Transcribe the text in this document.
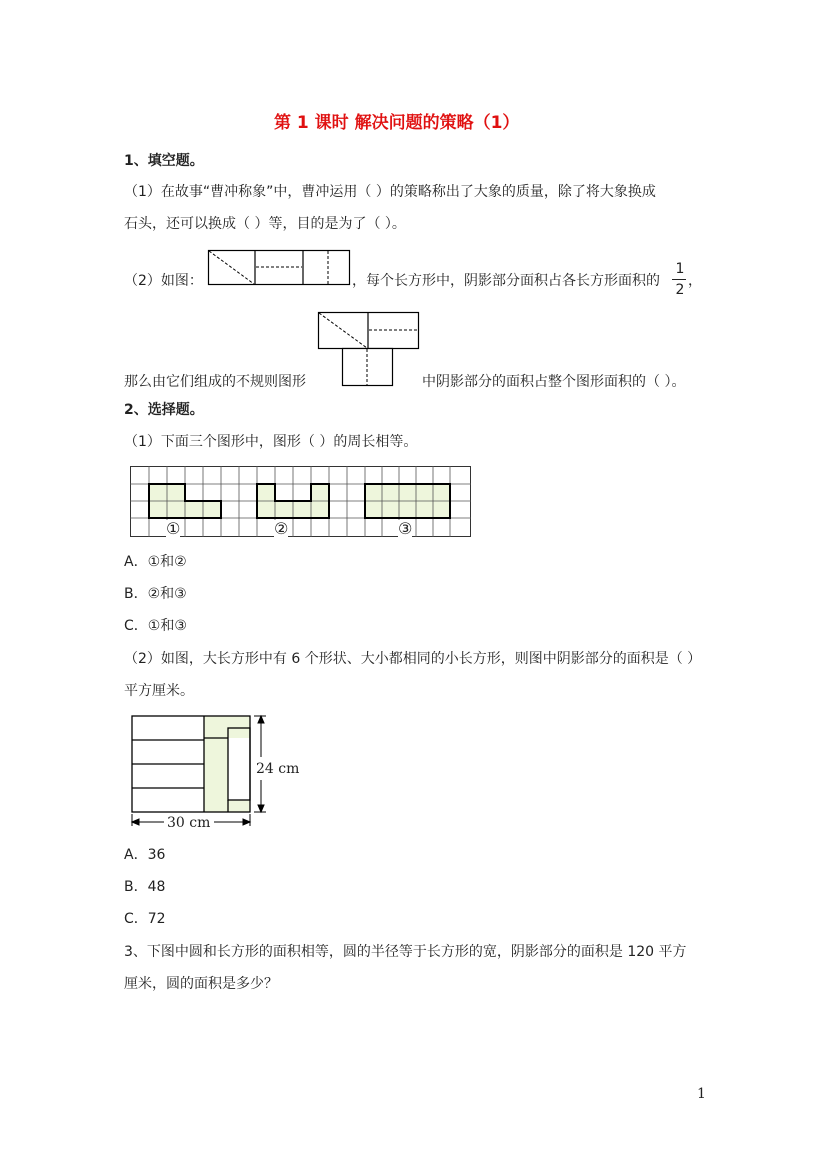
第 1 课时 解决问题的策略（1）
1、填空题。
（1）在故事“曹冲称象”中，曹冲运用（ ）的策略称出了大象的质量，除了将大象换成
石头，还可以换成（ ）等，目的是为了（ ）。
（2）如图：	，每个长方形中，阴影部分面积占各长方形面积的
1
2
，
那么由它们组成的不规则图形	中阴影部分的面积占整个图形面积的（ ）。
2、选择题。
（1）下面三个图形中，图形（ ）的周长相等。
①	②	③
A．①和②
B．②和③
C．①和③
（2）如图，大长方形中有 6 个形状、大小都相同的小长方形，则图中阴影部分的面积是（ ）
平方厘米。
24 cm
30 cm
A．36
B．48
C．72
3、下图中圆和长方形的面积相等，圆的半径等于长方形的宽，阴影部分的面积是 120 平方
厘米，圆的面积是多少？
1
